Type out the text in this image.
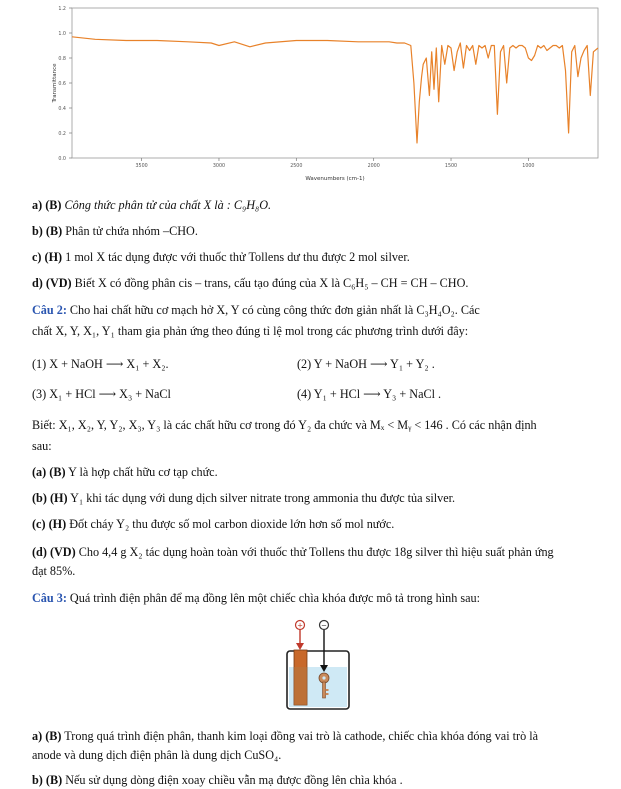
0.0
0.2
0.4
0.6
0.8
1.0
1.2
3500	3000	2500	2000	1500	1000
Wavenumbers (cm-1)
Transmittance
a) (B) Công thức phân tử của chất X là : C₉H₈O.
b) (B) Phân tử chứa nhóm –CHO.
c) (H) 1 mol X tác dụng được với thuốc thử Tollens dư thu được 2 mol silver.
d) (VD) Biết X có đồng phân cis – trans, cấu tạo đúng của X là C₆H₅ – CH = CH – CHO.
Câu 2: Cho hai chất hữu cơ mạch hở X, Y có cùng công thức đơn giản nhất là C₃H₄O₂. Các
chất X, Y, X₁, Y₁ tham gia phản ứng theo đúng tỉ lệ mol trong các phương trình dưới đây:
(1) X + NaOH ⟶ X₁ + X₂.	(2) Y + NaOH ⟶ Y₁ + Y₂ .
(3) X₁ + HCl ⟶ X₃ + NaCl	(4) Y₁ + HCl ⟶ Y₃ + NaCl .
Biết: X₁, X₂, Y, Y₂, X₃, Y₃ là các chất hữu cơ trong đó Y₂ đa chức và Mₓ < Mᵧ < 146 . Có các nhận định
sau:
(a) (B) Y là hợp chất hữu cơ tạp chức.
(b) (H) Y₁ khi tác dụng với dung dịch silver nitrate trong ammonia thu được tủa silver.
(c) (H) Đốt cháy Y₂ thu được số mol carbon dioxide lớn hơn số mol nước.
(d) (VD) Cho 4,4 g X₂ tác dụng hoàn toàn với thuốc thử Tollens thu được 18g silver thì hiệu suất phản ứng
đạt 85%.
Câu 3: Quá trình điện phân để mạ đồng lên một chiếc chìa khóa được mô tả trong hình sau:
+	−
a) (B) Trong quá trình điện phân, thanh kim loại đồng vai trò là cathode, chiếc chìa khóa đóng vai trò là
anode và dung dịch điện phân là dung dịch CuSO₄.
b) (B) Nếu sử dụng dòng điện xoay chiều vẫn mạ được đồng lên chìa khóa .
